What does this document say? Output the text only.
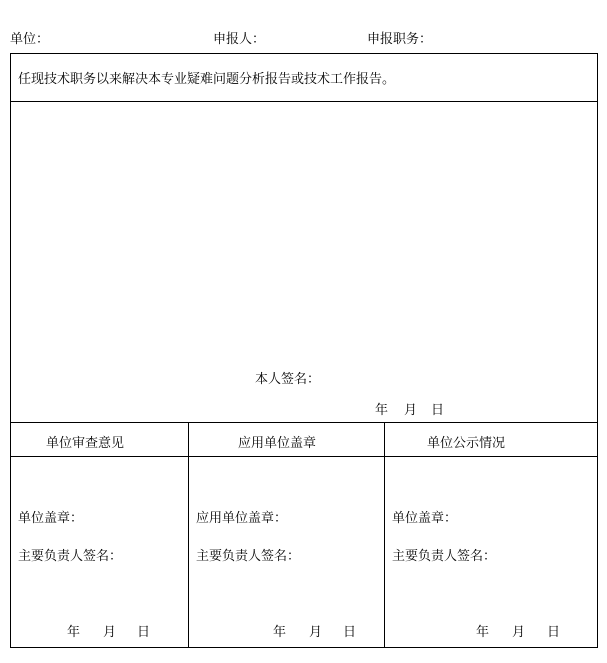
单位：	申报人：	申报职务：
任现技术职务以来解决本专业疑难问题分析报告或技术工作报告。
本人签名：
年 月 日
单位审查意见
单位盖章：
主要负责人签名：
年 月 日
应用单位盖章
应用单位盖章：
主要负责人签名：
年 月 日
单位公示情况
单位盖章：
主要负责人签名：
年 月 日
